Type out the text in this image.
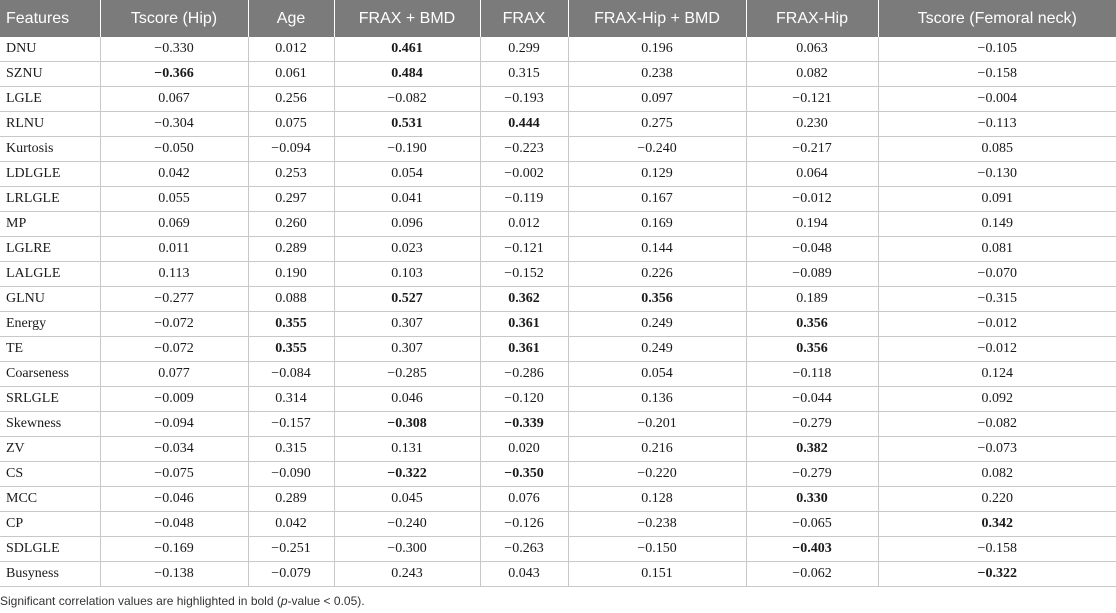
Features	Tscore (Hip)	Age	FRAX + BMD	FRAX	FRAX-Hip + BMD	FRAX-Hip	Tscore (Femoral neck)
DNU	−0.330	0.012	0.461	0.299	0.196	0.063	−0.105
SZNU	−0.366	0.061	0.484	0.315	0.238	0.082	−0.158
LGLE	0.067	0.256	−0.082	−0.193	0.097	−0.121	−0.004
RLNU	−0.304	0.075	0.531	0.444	0.275	0.230	−0.113
Kurtosis	−0.050	−0.094	−0.190	−0.223	−0.240	−0.217	0.085
LDLGLE	0.042	0.253	0.054	−0.002	0.129	0.064	−0.130
LRLGLE	0.055	0.297	0.041	−0.119	0.167	−0.012	0.091
MP	0.069	0.260	0.096	0.012	0.169	0.194	0.149
LGLRE	0.011	0.289	0.023	−0.121	0.144	−0.048	0.081
LALGLE	0.113	0.190	0.103	−0.152	0.226	−0.089	−0.070
GLNU	−0.277	0.088	0.527	0.362	0.356	0.189	−0.315
Energy	−0.072	0.355	0.307	0.361	0.249	0.356	−0.012
TE	−0.072	0.355	0.307	0.361	0.249	0.356	−0.012
Coarseness	0.077	−0.084	−0.285	−0.286	0.054	−0.118	0.124
SRLGLE	−0.009	0.314	0.046	−0.120	0.136	−0.044	0.092
Skewness	−0.094	−0.157	−0.308	−0.339	−0.201	−0.279	−0.082
ZV	−0.034	0.315	0.131	0.020	0.216	0.382	−0.073
CS	−0.075	−0.090	−0.322	−0.350	−0.220	−0.279	0.082
MCC	−0.046	0.289	0.045	0.076	0.128	0.330	0.220
CP	−0.048	0.042	−0.240	−0.126	−0.238	−0.065	0.342
SDLGLE	−0.169	−0.251	−0.300	−0.263	−0.150	−0.403	−0.158
Busyness	−0.138	−0.079	0.243	0.043	0.151	−0.062	−0.322
Significant correlation values are highlighted in bold (p-value < 0.05).
